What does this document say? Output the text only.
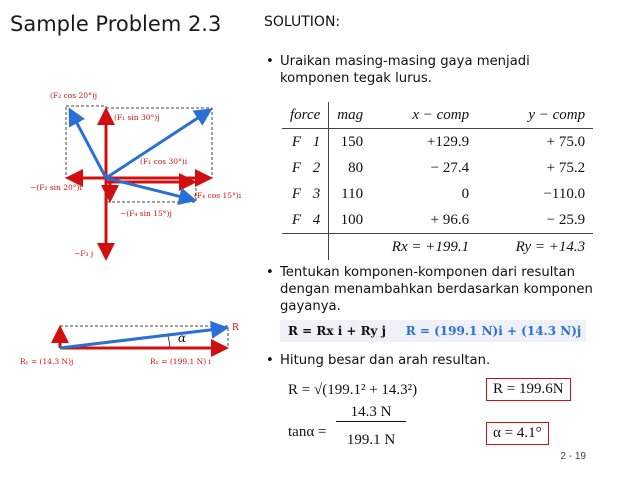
Sample Problem 2.3
(F₂ cos 20°)j
(F₁ sin 30°)j
(F₁ cos 30°)i
−(F₂ sin 20°)i
(F₄ cos 15°)i
−(F₄ sin 15°)j
−F₃ j
R
α
Rᵧ = (14.3 N)j	Rₓ = (199.1 N) i
SOLUTION:
• Uraikan masing-masing gaya menjadi komponen tegak lurus.
force	mag	x − comp	y − comp
F⃗1	150	+129.9	+ 75.0
F⃗2	80	− 27.4	+ 75.2
F⃗3	110	0	−110.0
F⃗4	100	+ 96.6	− 25.9
		Rx = +199.1	Ry = +14.3
• Tentukan komponen-komponen dari resultan dengan menambahkan berdasarkan komponen gayanya.
R = Rx i + Ry j R = (199.1 N)i + (14.3 N)j
• Hitung besar dan arah resultan.
R = √(199.1² + 14.3²)	R = 199.6N
tanα =
14.3 N
199.1 N	α = 4.1°
2 - 19
